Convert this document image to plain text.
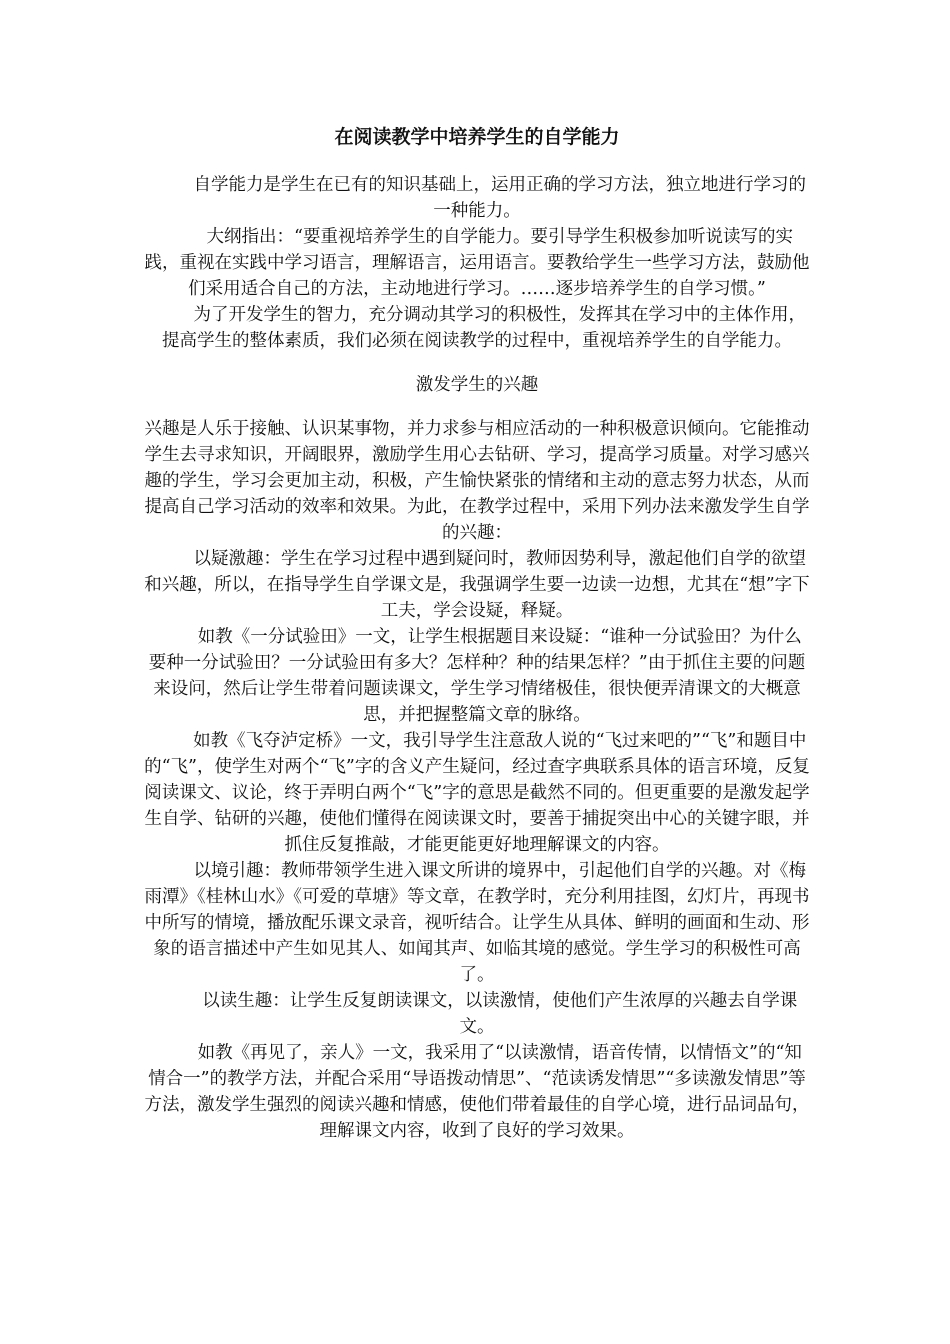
在阅读教学中培养学生的自学能力

自学能力是学生在已有的知识基础上，运用正确的学习方法，独立地进行学习的一种能力。

大纲指出：“要重视培养学生的自学能力。要引导学生积极参加听说读写的实践，重视在实践中学习语言，理解语言，运用语言。要教给学生一些学习方法，鼓励他们采用适合自己的方法，主动地进行学习。……逐步培养学生的自学习惯。”

为了开发学生的智力，充分调动其学习的积极性，发挥其在学习中的主体作用，提高学生的整体素质，我们必须在阅读教学的过程中，重视培养学生的自学能力。

激发学生的兴趣

兴趣是人乐于接触、认识某事物，并力求参与相应活动的一种积极意识倾向。它能推动学生去寻求知识，开阔眼界，激励学生用心去钻研、学习，提高学习质量。对学习感兴趣的学生，学习会更加主动，积极，产生愉快紧张的情绪和主动的意志努力状态，从而提高自己学习活动的效率和效果。为此，在教学过程中，采用下列办法来激发学生自学的兴趣：

以疑激趣：学生在学习过程中遇到疑问时，教师因势利导，激起他们自学的欲望和兴趣，所以，在指导学生自学课文是，我强调学生要一边读一边想，尤其在“想”字下工夫，学会设疑，释疑。

如教《一分试验田》一文，让学生根据题目来设疑：“谁种一分试验田？为什么要种一分试验田？一分试验田有多大？怎样种？种的结果怎样？”由于抓住主要的问题来设问，然后让学生带着问题读课文，学生学习情绪极佳，很快便弄清课文的大概意思，并把握整篇文章的脉络。

如教《飞夺泸定桥》一文，我引导学生注意敌人说的“飞过来吧的”“飞”和题目中的“飞”，使学生对两个“飞”字的含义产生疑问，经过查字典联系具体的语言环境，反复阅读课文、议论，终于弄明白两个“飞”字的意思是截然不同的。但更重要的是激发起学生自学、钻研的兴趣，使他们懂得在阅读课文时，要善于捕捉突出中心的关键字眼，并抓住反复推敲，才能更能更好地理解课文的内容。

以境引趣：教师带领学生进入课文所讲的境界中，引起他们自学的兴趣。对《梅雨潭》《桂林山水》《可爱的草塘》等文章，在教学时，充分利用挂图，幻灯片，再现书中所写的情境，播放配乐课文录音，视听结合。让学生从具体、鲜明的画面和生动、形象的语言描述中产生如见其人、如闻其声、如临其境的感觉。学生学习的积极性可高了。

以读生趣：让学生反复朗读课文，以读激情，使他们产生浓厚的兴趣去自学课文。

如教《再见了，亲人》一文，我采用了“以读激情，语音传情，以情悟文”的“知情合一”的教学方法，并配合采用“导语拨动情思”、“范读诱发情思”“多读激发情思”等方法，激发学生强烈的阅读兴趣和情感，使他们带着最佳的自学心境，进行品词品句，理解课文内容，收到了良好的学习效果。
